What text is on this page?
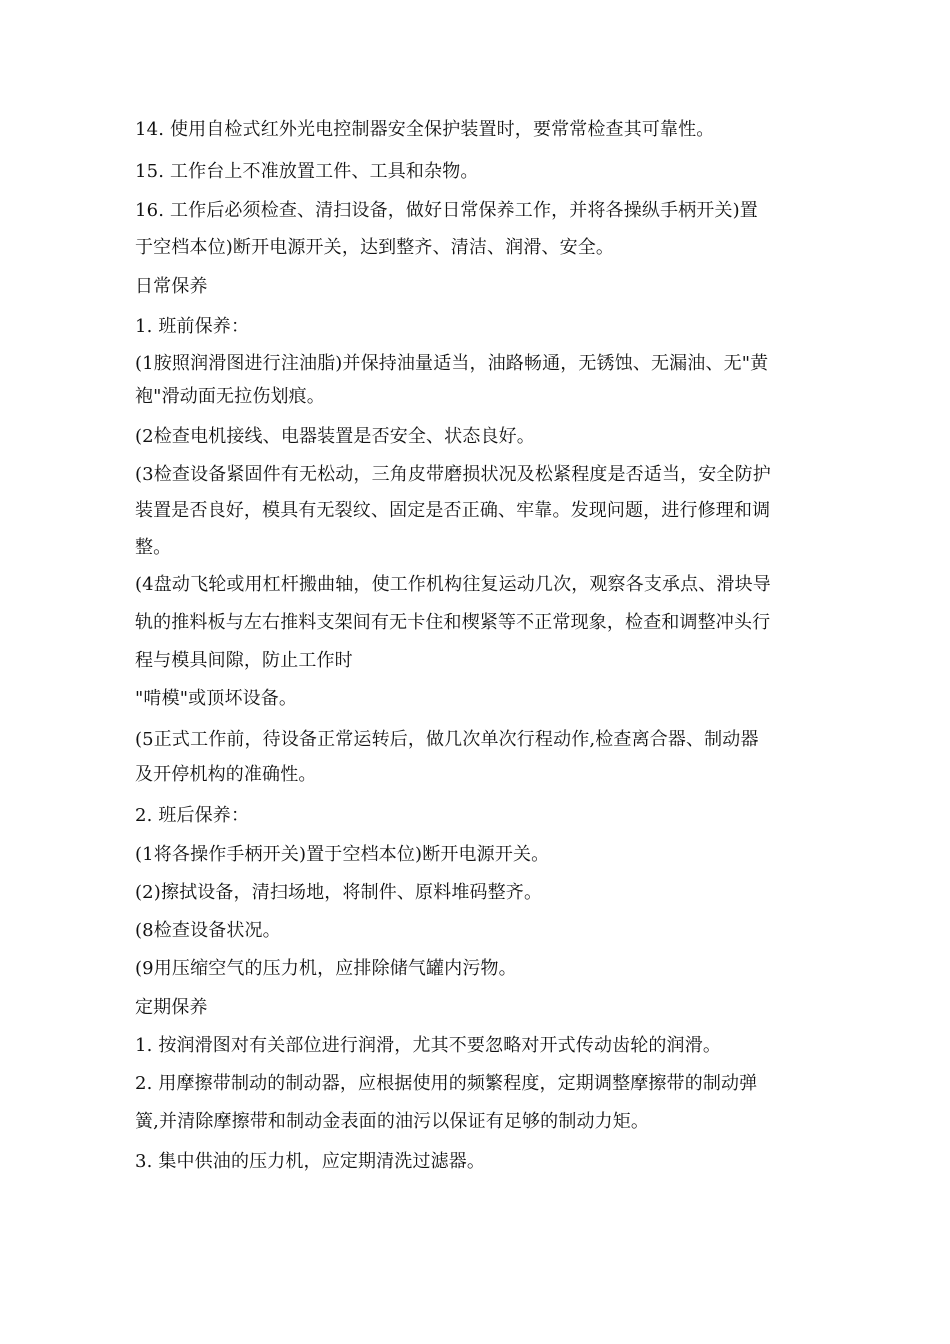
14. 使用自检式红外光电控制器安全保护装置时，要常常检查其可靠性。
15. 工作台上不准放置工件、工具和杂物。
16. 工作后必须检查、清扫设备，做好日常保养工作，并将各操纵手柄开关)置
于空档本位)断开电源开关，达到整齐、清洁、润滑、安全。
日常保养
1. 班前保养：
(1胺照润滑图进行注油脂)并保持油量适当，油路畅通，无锈蚀、无漏油、无"黄
袍"滑动面无拉伤划痕。
(2检查电机接线、电器装置是否安全、状态良好。
(3检查设备紧固件有无松动，三角皮带磨损状况及松紧程度是否适当，安全防护
装置是否良好，模具有无裂纹、固定是否正确、牢靠。发现问题，进行修理和调
整。
(4盘动飞轮或用杠杆搬曲轴，使工作机构往复运动几次，观察各支承点、滑块导
轨的推料板与左右推料支架间有无卡住和楔紧等不正常现象，检查和调整冲头行
程与模具间隙，防止工作时
"啃模"或顶坏设备。
(5正式工作前，待设备正常运转后，做几次单次行程动作,检查离合器、制动器
及开停机构的准确性。
2. 班后保养：
(1将各操作手柄开关)置于空档本位)断开电源开关。
(2)擦拭设备，清扫场地，将制件、原料堆码整齐。
(8检查设备状况。
(9用压缩空气的压力机，应排除储气罐内污物。
定期保养
1. 按润滑图对有关部位进行润滑，尤其不要忽略对开式传动齿轮的润滑。
2. 用摩擦带制动的制动器，应根据使用的频繁程度，定期调整摩擦带的制动弹
簧,并清除摩擦带和制动金表面的油污以保证有足够的制动力矩。
3. 集中供油的压力机，应定期清洗过滤器。
